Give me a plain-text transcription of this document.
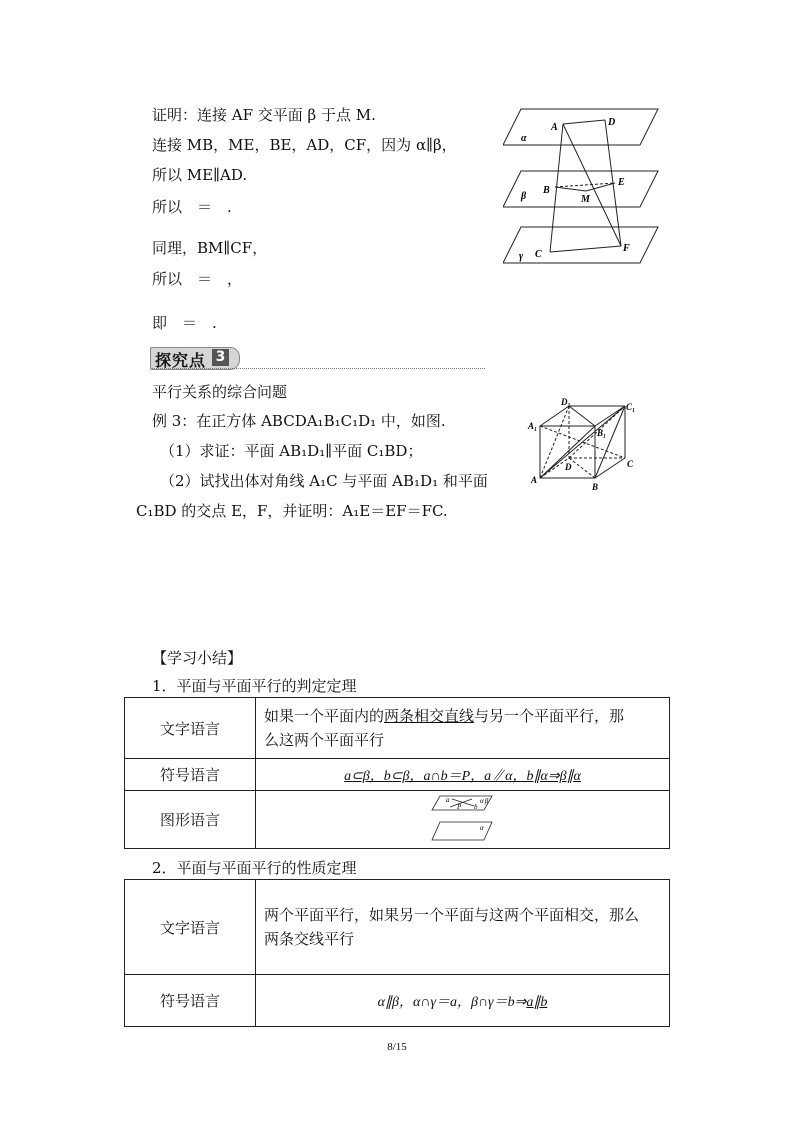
证明：连接 AF 交平面 β 于点 M.
连接 MB，ME，BE，AD，CF，因为 α∥β，
所以 ME∥AD.
所以　＝　.
同理，BM∥CF，
所以　＝　，
即　＝　.
A	D
α
β
B
E
M
γ C
F
探究点 3
平行关系的综合问题
例 3：在正方体 ABCDA₁B₁C₁D₁ 中，如图.
（1）求证：平面 AB₁D₁∥平面 C₁BD；
（2）试找出体对角线 A₁C 与平面 AB₁D₁ 和平面
C₁BD 的交点 E，F，并证明：A₁E＝EF＝FC.
D₁	C₁
A₁
B₁
D	C
A
B
【学习小结】
1．平面与平面平行的判定定理
文字语言	如果一个平面内的两条相交直线与另一个平面平行，那
么这两个平面平行
符号语言	a⊂β，b⊂β，a∩b＝P，a∥α，b∥α⇒β∥α
图形语言	αβ
P b
a
α
2．平面与平面平行的性质定理
文字语言	两个平面平行，如果另一个平面与这两个平面相交，那么
两条交线平行
符号语言	α∥β，α∩γ＝a，β∩γ＝b⇒a∥b
8/15
